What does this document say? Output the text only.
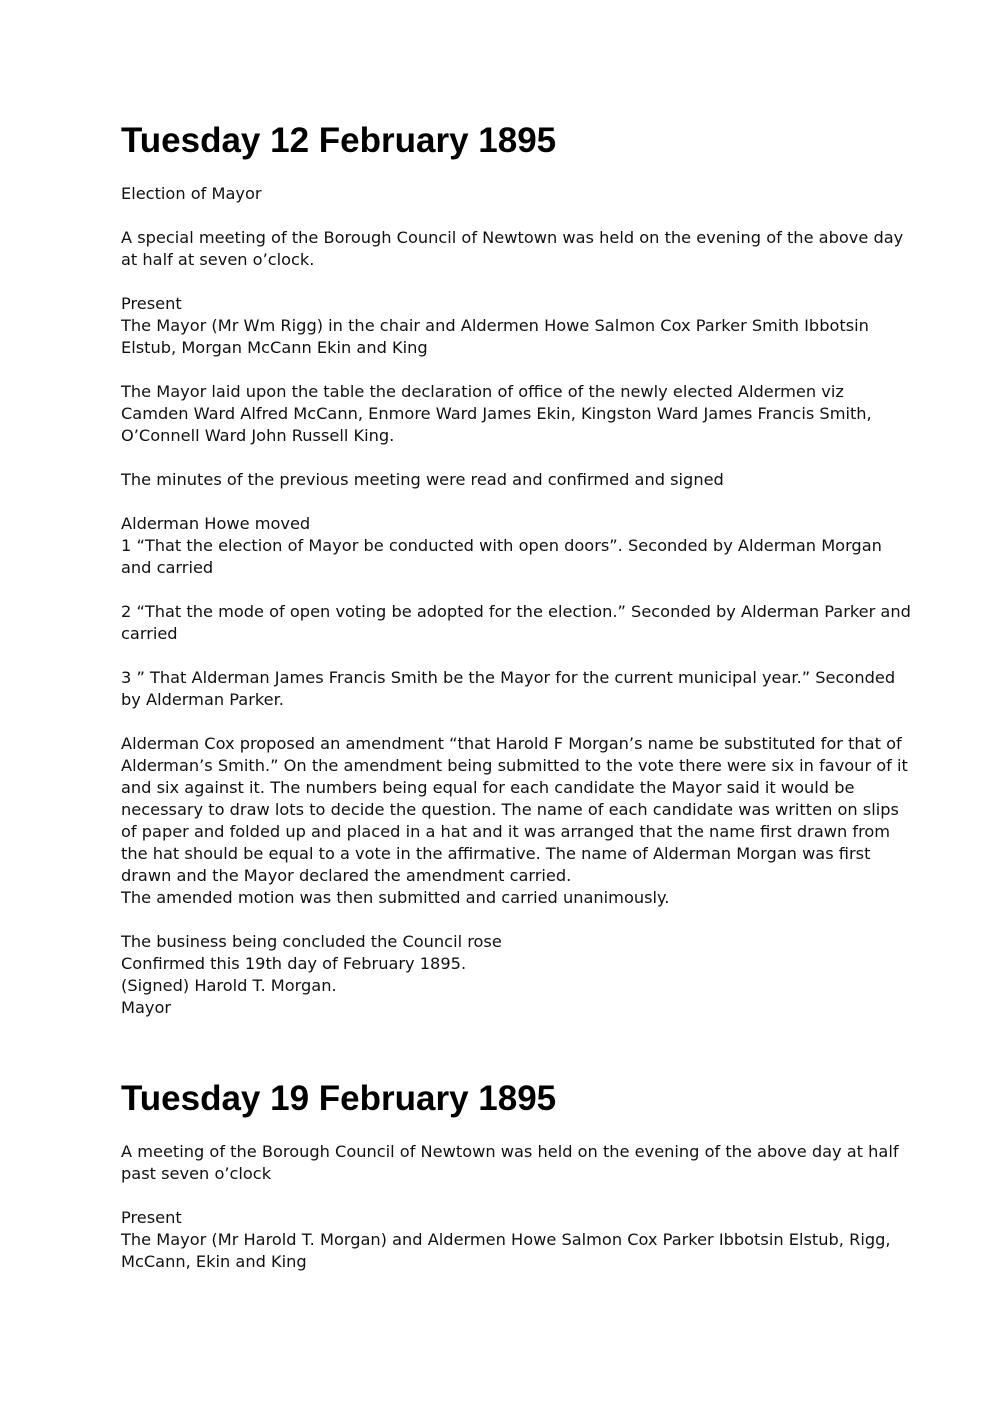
Tuesday 12 February 1895
Election of Mayor
A special meeting of the Borough Council of Newtown was held on the evening of the above day
at half at seven o’clock.
Present
The Mayor (Mr Wm Rigg) in the chair and Aldermen Howe Salmon Cox Parker Smith Ibbotsin
Elstub, Morgan McCann Ekin and King
The Mayor laid upon the table the declaration of office of the newly elected Aldermen viz
Camden Ward Alfred McCann, Enmore Ward James Ekin, Kingston Ward James Francis Smith,
O’Connell Ward John Russell King.
The minutes of the previous meeting were read and confirmed and signed
Alderman Howe moved
1 “That the election of Mayor be conducted with open doors”. Seconded by Alderman Morgan
and carried
2 “That the mode of open voting be adopted for the election.” Seconded by Alderman Parker and
carried
3 ” That Alderman James Francis Smith be the Mayor for the current municipal year.” Seconded
by Alderman Parker.
Alderman Cox proposed an amendment “that Harold F Morgan’s name be substituted for that of
Alderman’s Smith.” On the amendment being submitted to the vote there were six in favour of it
and six against it. The numbers being equal for each candidate the Mayor said it would be
necessary to draw lots to decide the question. The name of each candidate was written on slips
of paper and folded up and placed in a hat and it was arranged that the name first drawn from
the hat should be equal to a vote in the affirmative. The name of Alderman Morgan was first
drawn and the Mayor declared the amendment carried.
The amended motion was then submitted and carried unanimously.
The business being concluded the Council rose
Confirmed this 19th day of February 1895.
(Signed) Harold T. Morgan.
Mayor
Tuesday 19 February 1895
A meeting of the Borough Council of Newtown was held on the evening of the above day at half
past seven o’clock
Present
The Mayor (Mr Harold T. Morgan) and Aldermen Howe Salmon Cox Parker Ibbotsin Elstub, Rigg,
McCann, Ekin and King
